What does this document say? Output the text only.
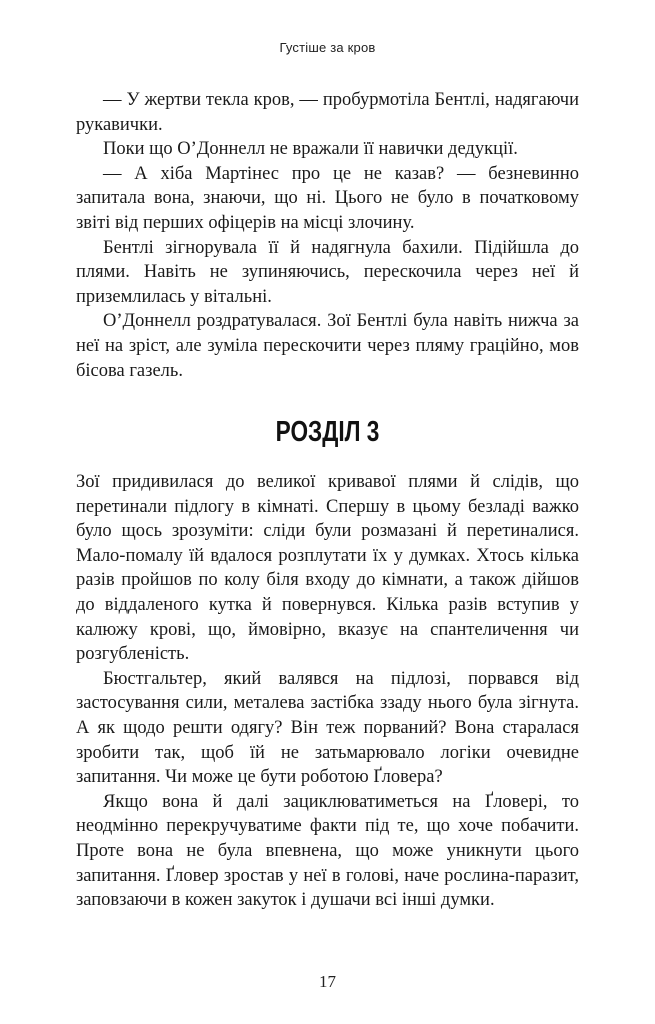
Густіше за кров

— У жертви текла кров, — пробурмотіла Бентлі, надягаючи рукавички.

Поки що О’Доннелл не вражали її навички дедукції.

— А хіба Мартінес про це не казав? — безневинно запитала вона, знаючи, що ні. Цього не було в початковому звіті від перших офіцерів на місці злочину.

Бентлі зігнорувала її й надягнула бахили. Підійшла до плями. Навіть не зупиняючись, перескочила через неї й приземлилась у вітальні.

О’Доннелл роздратувалася. Зої Бентлі була навіть нижча за неї на зріст, але зуміла перескочити через пляму граційно, мов бісова газель.

РОЗДІЛ 3

Зої придивилася до великої кривавої плями й слідів, що перетинали підлогу в кімнаті. Спершу в цьому безладі важко було щось зрозуміти: сліди були розмазані й перетиналися. Мало-помалу їй вдалося розплутати їх у думках. Хтось кілька разів пройшов по колу біля входу до кімнати, а також дійшов до віддаленого кутка й повернувся. Кілька разів вступив у калюжу крові, що, ймовірно, вказує на спантеличення чи розгубленість.

Бюстгальтер, який валявся на підлозі, порвався від застосування сили, металева застібка ззаду нього була зігнута. А як щодо решти одягу? Він теж порваний? Вона старалася зробити так, щоб їй не затьмарювало логіки очевидне запитання. Чи може це бути роботою Ґловера?

Якщо вона й далі зациклюватиметься на Ґловері, то неодмінно перекручуватиме факти під те, що хоче побачити. Проте вона не була впевнена, що може уникнути цього запитання. Ґловер зростав у неї в голові, наче рослина-паразит, заповзаючи в кожен закуток і душачи всі інші думки.

17
